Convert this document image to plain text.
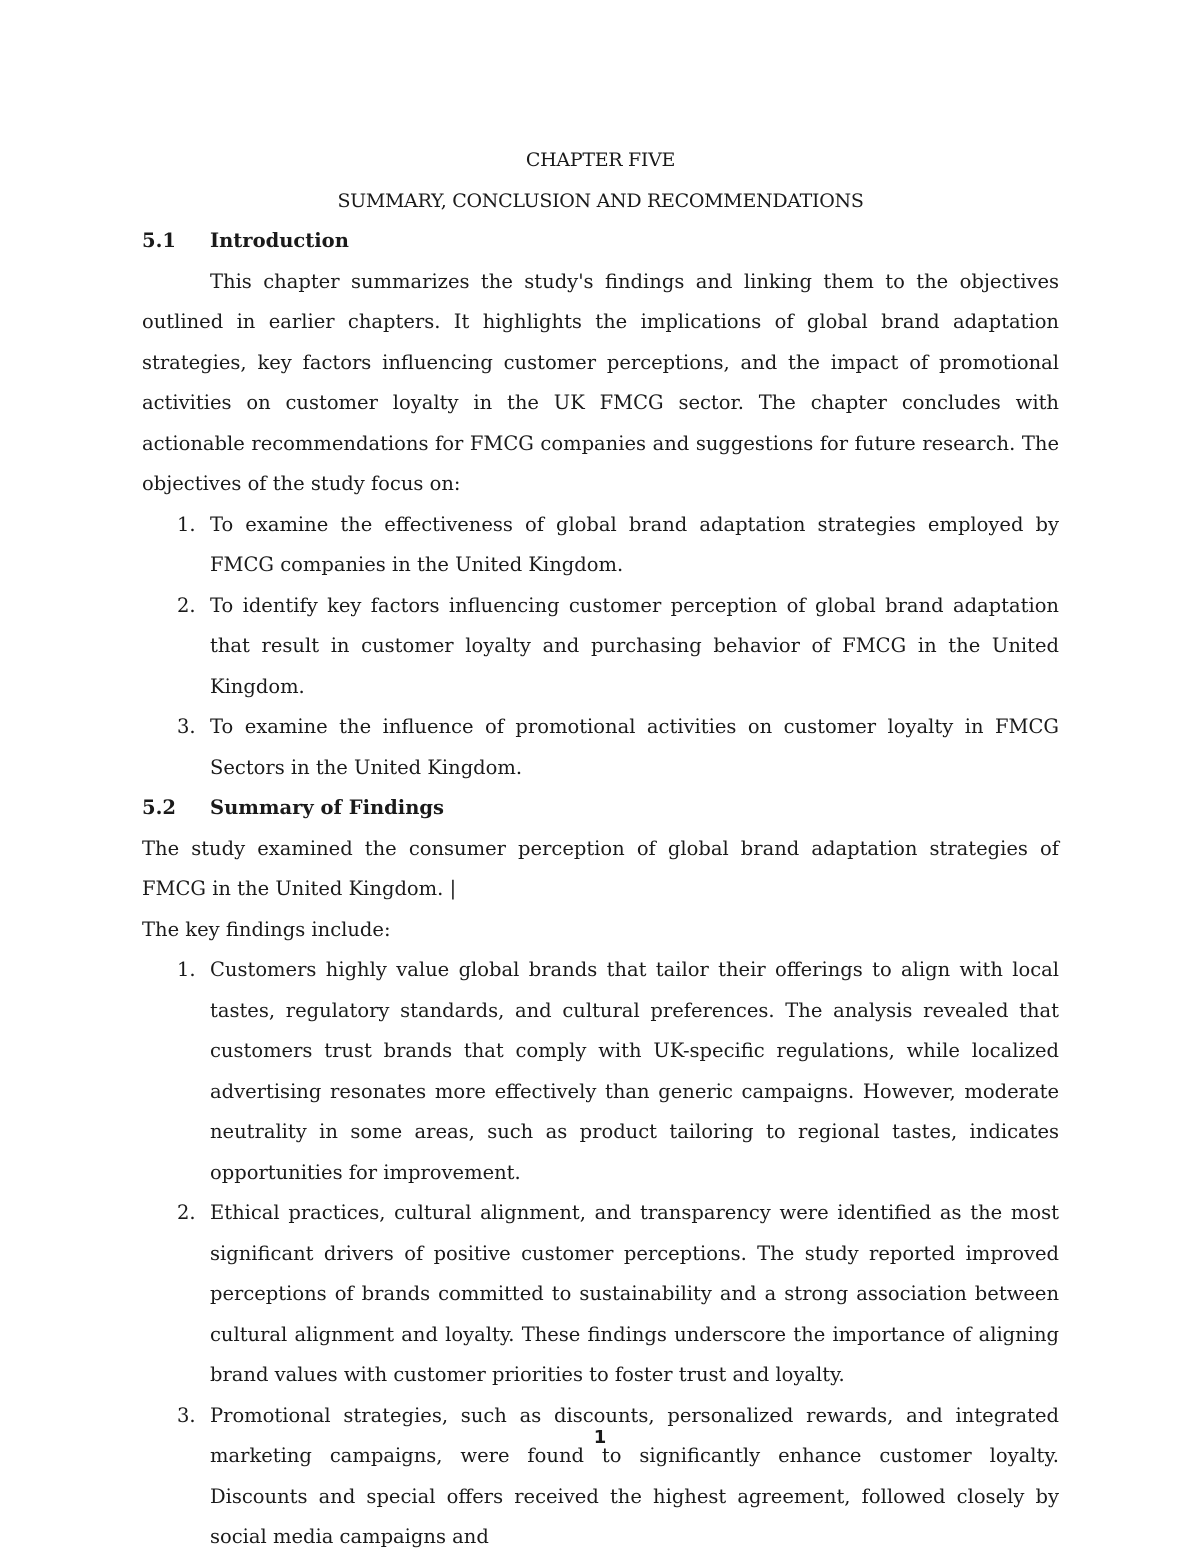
CHAPTER FIVE
SUMMARY, CONCLUSION AND RECOMMENDATIONS
5.1	Introduction

This chapter summarizes the study's findings and linking them to the objectives outlined in earlier chapters. It highlights the implications of global brand adaptation strategies, key factors influencing customer perceptions, and the impact of promotional activities on customer loyalty in the UK FMCG sector. The chapter concludes with actionable recommendations for FMCG companies and suggestions for future research. The objectives of the study focus on:

1. To examine the effectiveness of global brand adaptation strategies employed by FMCG companies in the United Kingdom.
2. To identify key factors influencing customer perception of global brand adaptation that result in customer loyalty and purchasing behavior of FMCG in the United Kingdom.
3. To examine the influence of promotional activities on customer loyalty in FMCG Sectors in the United Kingdom.
5.2	Summary of Findings

The study examined the consumer perception of global brand adaptation strategies of FMCG in the United Kingdom. |

The key findings include:

1. Customers highly value global brands that tailor their offerings to align with local tastes, regulatory standards, and cultural preferences. The analysis revealed that customers trust brands that comply with UK-specific regulations, while localized advertising resonates more effectively than generic campaigns. However, moderate neutrality in some areas, such as product tailoring to regional tastes, indicates opportunities for improvement.
2. Ethical practices, cultural alignment, and transparency were identified as the most significant drivers of positive customer perceptions. The study reported improved perceptions of brands committed to sustainability and a strong association between cultural alignment and loyalty. These findings underscore the importance of aligning brand values with customer priorities to foster trust and loyalty.
3. Promotional strategies, such as discounts, personalized rewards, and integrated marketing campaigns, were found to significantly enhance customer loyalty. Discounts and special offers received the highest agreement, followed closely by social media campaigns and
1
